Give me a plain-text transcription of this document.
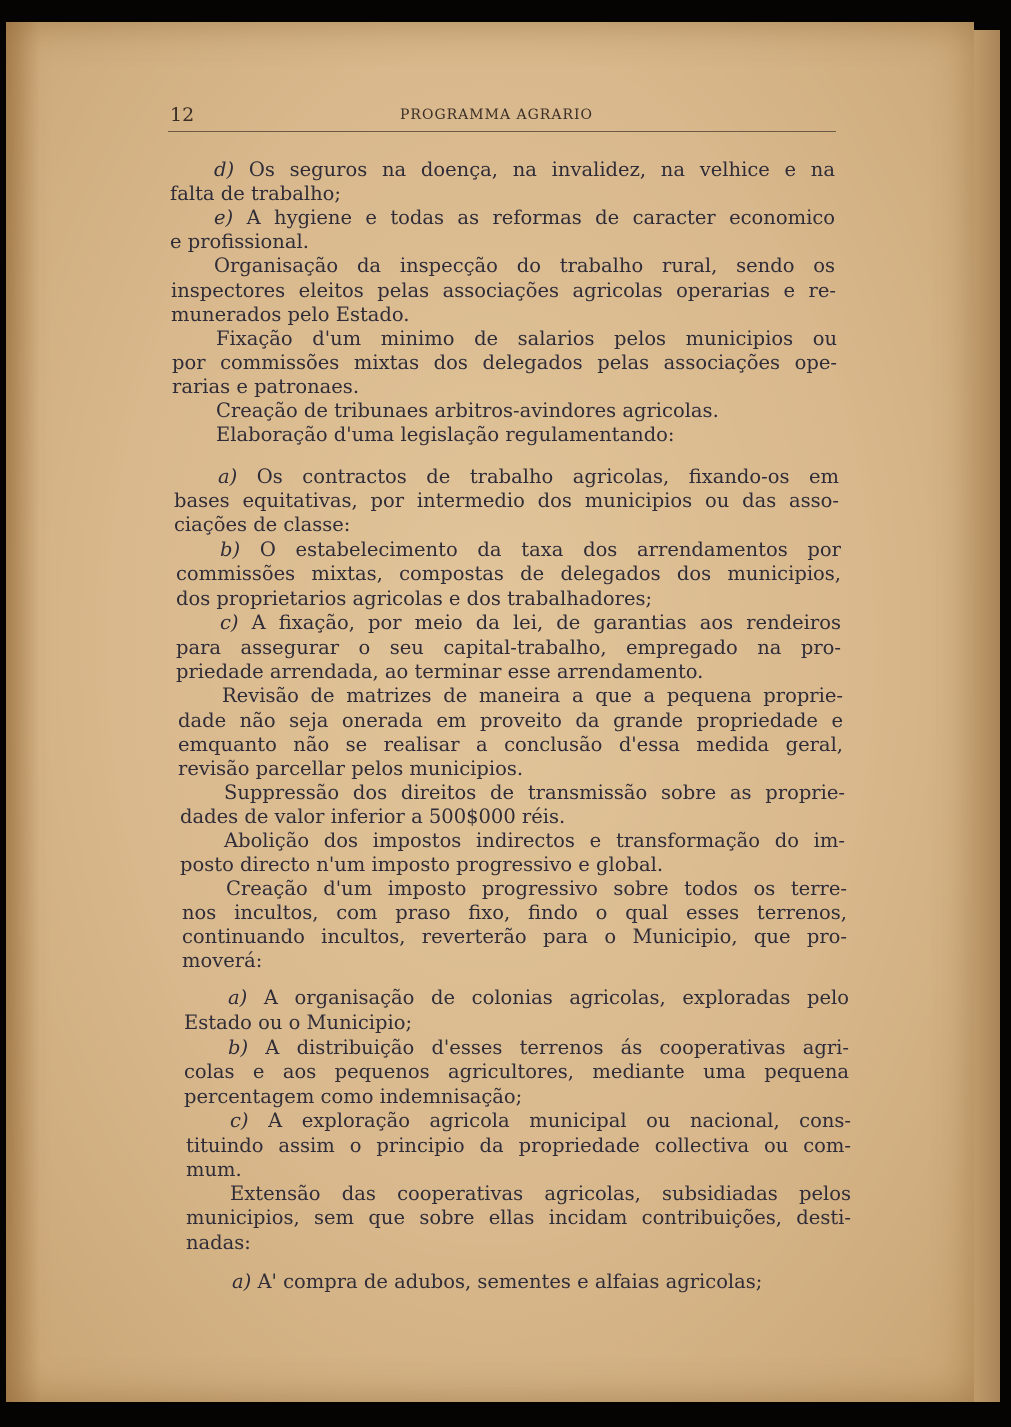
12	PROGRAMMA AGRARIO
d) Os seguros na doença, na invalidez, na velhice e na
falta de trabalho;
e) A hygiene e todas as reformas de caracter economico
e profissional.
Organisação da inspecção do trabalho rural, sendo os
inspectores eleitos pelas associações agricolas operarias e re-
munerados pelo Estado.
Fixação d'um minimo de salarios pelos municipios ou
por commissões mixtas dos delegados pelas associações ope-
rarias e patronaes.
Creação de tribunaes arbitros-avindores agricolas.
Elaboração d'uma legislação regulamentando:
a) Os contractos de trabalho agricolas, fixando-os em
bases equitativas, por intermedio dos municipios ou das asso-
ciações de classe:
b) O estabelecimento da taxa dos arrendamentos por
commissões mixtas, compostas de delegados dos municipios,
dos proprietarios agricolas e dos trabalhadores;
c) A fixação, por meio da lei, de garantias aos rendeiros
para assegurar o seu capital-trabalho, empregado na pro-
priedade arrendada, ao terminar esse arrendamento.
Revisão de matrizes de maneira a que a pequena proprie-
dade não seja onerada em proveito da grande propriedade e
emquanto não se realisar a conclusão d'essa medida geral,
revisão parcellar pelos municipios.
Suppressão dos direitos de transmissão sobre as proprie-
dades de valor inferior a 500$000 réis.
Abolição dos impostos indirectos e transformação do im-
posto directo n'um imposto progressivo e global.
Creação d'um imposto progressivo sobre todos os terre-
nos incultos, com praso fixo, findo o qual esses terrenos,
continuando incultos, reverterão para o Municipio, que pro-
moverá:
a) A organisação de colonias agricolas, exploradas pelo
Estado ou o Municipio;
b) A distribuição d'esses terrenos ás cooperativas agri-
colas e aos pequenos agricultores, mediante uma pequena
percentagem como indemnisação;
c) A exploração agricola municipal ou nacional, cons-
tituindo assim o principio da propriedade collectiva ou com-
mum.
Extensão das cooperativas agricolas, subsidiadas pelos
municipios, sem que sobre ellas incidam contribuições, desti-
nadas:
a) A' compra de adubos, sementes e alfaias agricolas;
